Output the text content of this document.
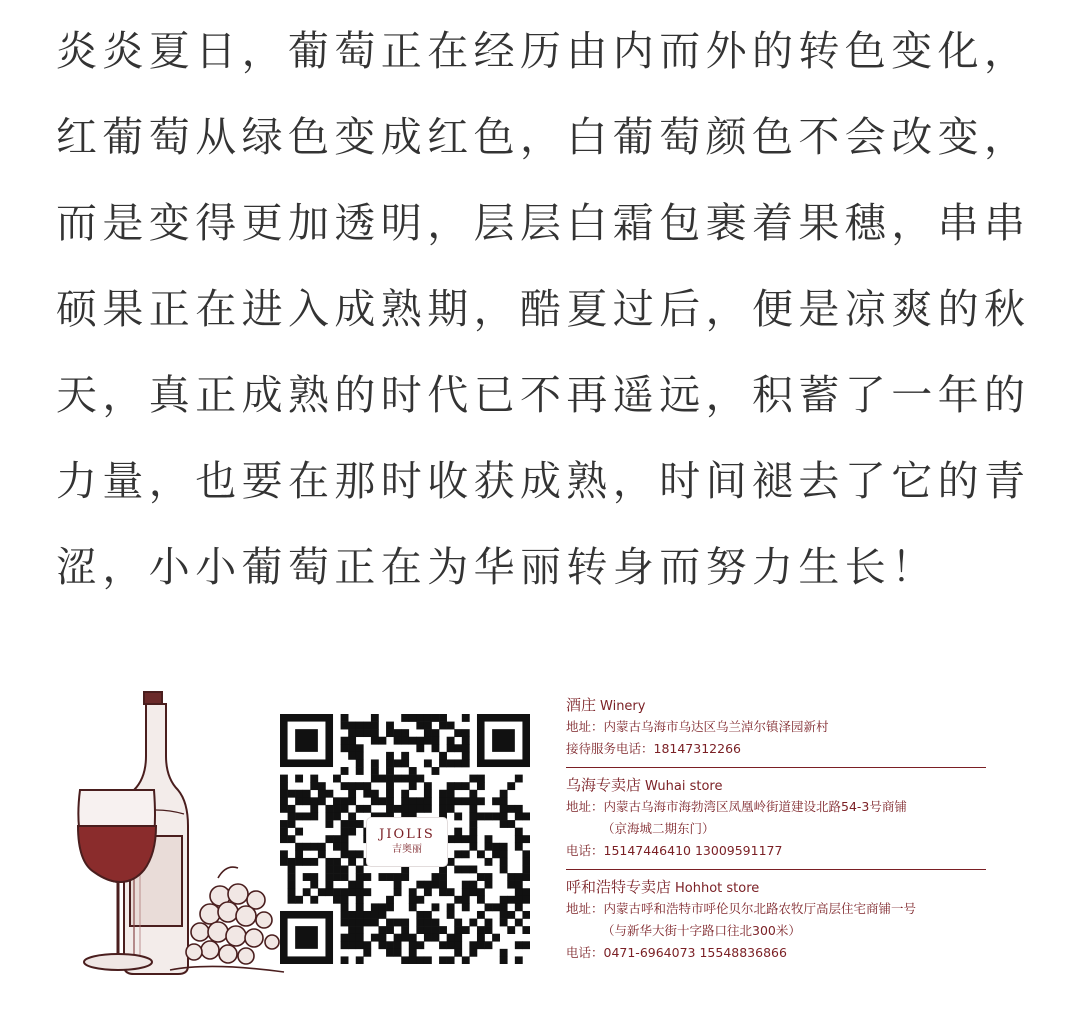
炎炎夏日，葡萄正在经历由内而外的转色变化，
红葡萄从绿色变成红色，白葡萄颜色不会改变，
而是变得更加透明，层层白霜包裹着果穗，串串
硕果正在进入成熟期，酷夏过后，便是凉爽的秋
天，真正成熟的时代已不再遥远，积蓄了一年的
力量，也要在那时收获成熟，时间褪去了它的青
涩，小小葡萄正在为华丽转身而努力生长！
JIOLIS
吉奥丽
酒庄 Winery
地址：内蒙古乌海市乌达区乌兰淖尔镇泽园新村
接待服务电话：18147312266
乌海专卖店 Wuhai store
地址：内蒙古乌海市海勃湾区凤凰岭街道建设北路54-3号商铺
（京海城二期东门）
电话：15147446410 13009591177
呼和浩特专卖店 Hohhot store
地址：内蒙古呼和浩特市呼伦贝尔北路农牧厅高层住宅商铺一号
（与新华大街十字路口往北300米）
电话：0471-6964073 15548836866
